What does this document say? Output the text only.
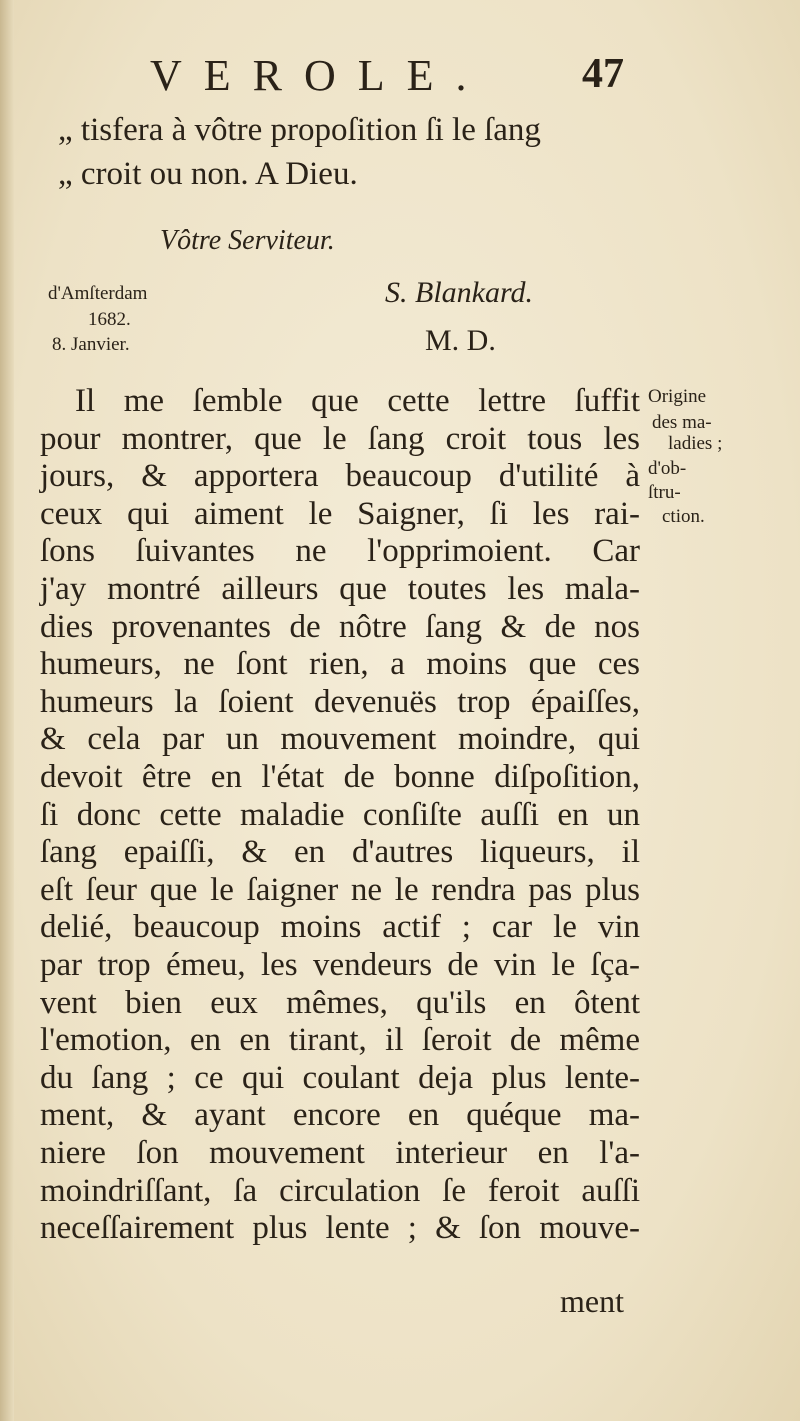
VEROLE. 47
„ tisfera à vôtre propoſition ſi le ſang
„ croit ou non. A Dieu.
Vôtre Serviteur.
d'Amſterdam
1682.
8. Janvier.
S. Blankard.
M. D.
Il me ſemble que cette lettre ſuffit
pour montrer, que le ſang croit tous les
jours, & apportera beaucoup d'utilité à
ceux qui aiment le Saigner, ſi les rai-
ſons ſuivantes ne l'opprimoient. Car
j'ay montré ailleurs que toutes les mala-
dies provenantes de nôtre ſang & de nos
humeurs, ne ſont rien, a moins que ces
humeurs la ſoient devenuës trop épaiſſes,
& cela par un mouvement moindre, qui
devoit être en l'état de bonne diſpoſition,
ſi donc cette maladie conſiſte auſſi en un
ſang epaiſſi, & en d'autres liqueurs, il
eſt ſeur que le ſaigner ne le rendra pas plus
delié, beaucoup moins actif ; car le vin
par trop émeu, les vendeurs de vin le ſça-
vent bien eux mêmes, qu'ils en ôtent
l'emotion, en en tirant, il ſeroit de même
du ſang ; ce qui coulant deja plus lente-
ment, & ayant encore en quéque ma-
niere ſon mouvement interieur en l'a-
moindriſſant, ſa circulation ſe feroit auſſi
neceſſairement plus lente ; & ſon mouve-
Origine
des ma-
ladies ;
d'ob-
ſtru-
ction.
ment
